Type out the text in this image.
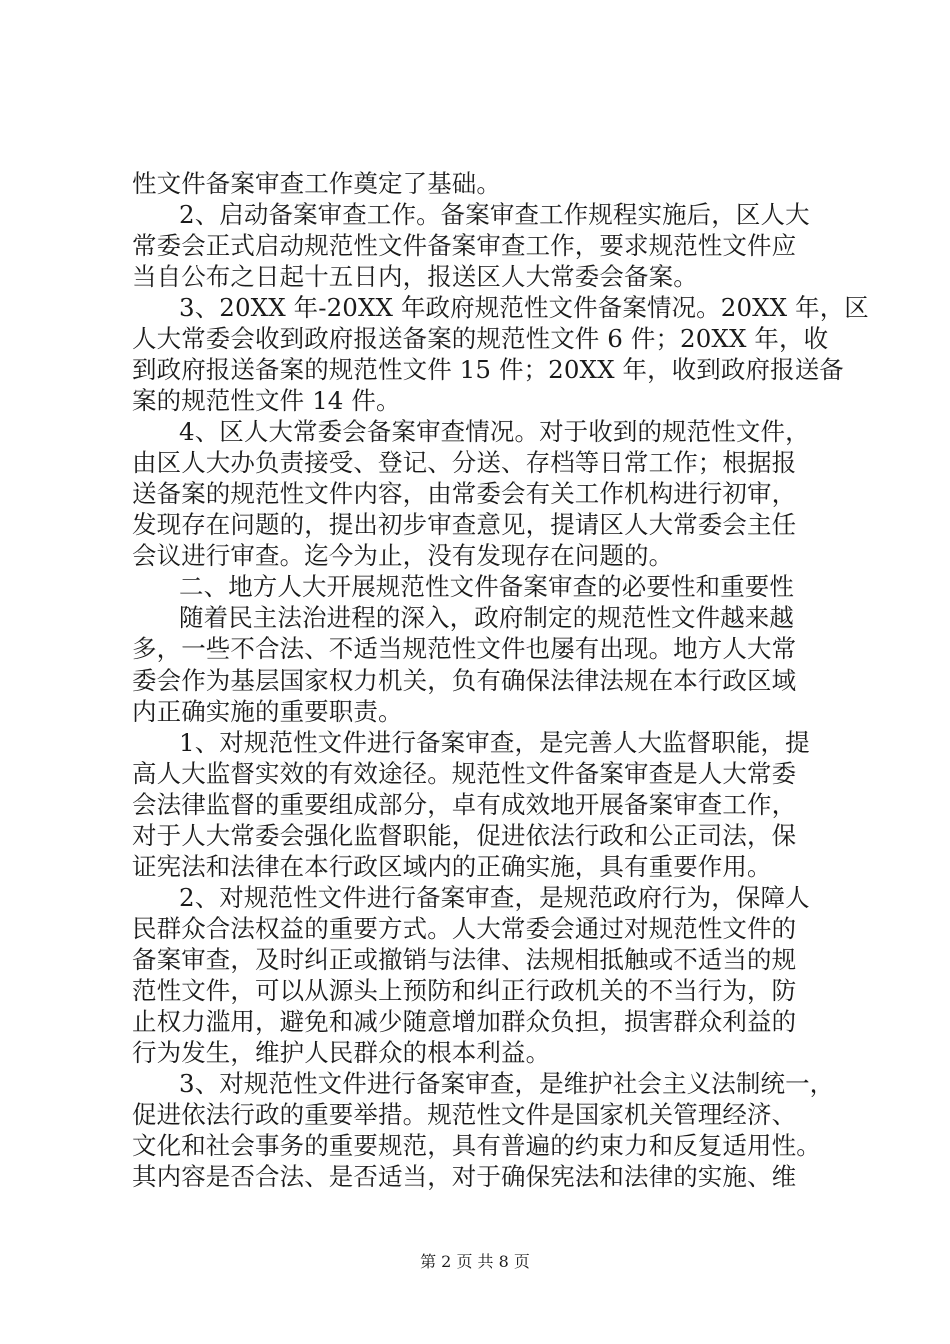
性文件备案审查工作奠定了基础。
2、启动备案审查工作。备案审查工作规程实施后，区人大
常委会正式启动规范性文件备案审查工作，要求规范性文件应
当自公布之日起十五日内，报送区人大常委会备案。
3、20XX 年-20XX 年政府规范性文件备案情况。20XX 年，区
人大常委会收到政府报送备案的规范性文件 6 件；20XX 年，收
到政府报送备案的规范性文件 15 件；20XX 年，收到政府报送备
案的规范性文件 14 件。
4、区人大常委会备案审查情况。对于收到的规范性文件，
由区人大办负责接受、登记、分送、存档等日常工作；根据报
送备案的规范性文件内容，由常委会有关工作机构进行初审，
发现存在问题的，提出初步审查意见，提请区人大常委会主任
会议进行审查。迄今为止，没有发现存在问题的。
二、地方人大开展规范性文件备案审查的必要性和重要性
随着民主法治进程的深入，政府制定的规范性文件越来越
多，一些不合法、不适当规范性文件也屡有出现。地方人大常
委会作为基层国家权力机关，负有确保法律法规在本行政区域
内正确实施的重要职责。
1、对规范性文件进行备案审查，是完善人大监督职能，提
高人大监督实效的有效途径。规范性文件备案审查是人大常委
会法律监督的重要组成部分，卓有成效地开展备案审查工作，
对于人大常委会强化监督职能，促进依法行政和公正司法，保
证宪法和法律在本行政区域内的正确实施，具有重要作用。
2、对规范性文件进行备案审查，是规范政府行为，保障人
民群众合法权益的重要方式。人大常委会通过对规范性文件的
备案审查，及时纠正或撤销与法律、法规相抵触或不适当的规
范性文件，可以从源头上预防和纠正行政机关的不当行为，防
止权力滥用，避免和减少随意增加群众负担，损害群众利益的
行为发生，维护人民群众的根本利益。
3、对规范性文件进行备案审查，是维护社会主义法制统一，
促进依法行政的重要举措。规范性文件是国家机关管理经济、
文化和社会事务的重要规范，具有普遍的约束力和反复适用性。
其内容是否合法、是否适当，对于确保宪法和法律的实施、维
第 2 页 共 8 页
